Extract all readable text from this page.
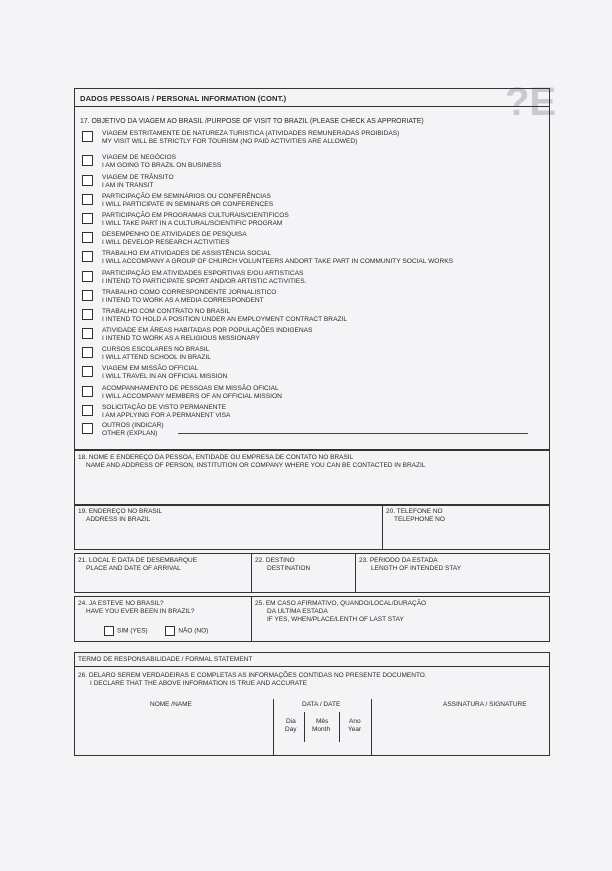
?E
DADOS PESSOAIS / PERSONAL INFORMATION (CONT.)
17. OBJETIVO DA VIAGEM AO BRASIL /PURPOSE OF VISIT TO BRAZIL (PLEASE CHECK AS APPRORIATE)
VIAGEM ESTRITAMENTE DE NATUREZA TURISTICA (ATIVIDADES REMUNERADAS PROIBIDAS)
MY VISIT WILL BE STRICTLY FOR TOURISM (NO PAID ACTIVITIES ARE ALLOWED)
VIAGEM DE NEGÓCIOS
I AM GOING TO BRAZIL ON BUSINESS
VIAGEM DE TRÂNSITO
I AM IN TRANSIT
PARTICIPAÇÃO EM SEMINÁRIOS OU CONFERÊNCIAS
I WILL PARTICIPATE IN SEMINARS OR CONFERENCES
PARTICIPAÇÃO EM PROGRAMAS CULTURAIS/CIENTIFICOS
I WILL TAKE PART IN A CULTURAL/SCIENTIFIC PROGRAM
DESEMPENHO DE ATIVIDADES DE PESQUISA
I WILL DEVELOP RESEARCH ACTIVITIES
TRABALHO EM ATIVIDADES DE ASSISTÊNCIA SOCIAL
I WILL ACCOMPANY A GROUP OF CHURCH VOLUNTEERS ANDORT TAKE PART IN COMMUNITY SOCIAL WORKS
PARTICIPAÇÃO EM ATIVIDADES ESPORTIVAS E/OU ARTISTICAS
I INTEND TO PARTICIPATE SPORT AND/OR ARTISTIC ACTIVITIES.
TRABALHO COMO CORRESPONDENTE JORNALISTICO
I INTEND TO WORK AS A MEDIA CORRESPONDENT
TRABALHO COM CONTRATO NO BRASIL
I INTEND TO HOLD A POSITION UNDER AN EMPLOYMENT CONTRACT BRAZIL
ATIVIDADE EM ÁREAS HABITADAS POR POPULAÇÕES INDIGENAS
I INTEND TO WORK AS A RELIGIOUS MISSIONARY
CURSOS ESCOLARES NO BRASIL
I WILL ATTEND SCHOOL IN BRAZIL
VIAGEM EM MISSÃO OFFICIAL
I WILL TRAVEL IN AN OFFICIAL MISSION
ACOMPANHAMENTO DE PESSOAS EM MISSÃO OFICIAL
I WILL ACCOMPANY MEMBERS OF AN OFFICIAL MISSION
SOLICITAÇÃO DE VISTO PERMANENTE
I AM APPLYING FOR A PERMANENT VISA
OUTROS (INDICAR)
OTHER (EXPLAN)
18. NOME E ENDEREÇO DA PESSOA, ENTIDADE OU EMPRESA DE CONTATO NO BRASIL
NAME AND ADDRESS OF PERSON, INSTITUTION OR COMPANY WHERE YOU CAN BE CONTACTED IN BRAZIL
19. ENDEREÇO NO BRASIL
ADDRESS IN BRAZIL
20. TELEFONE NO
TELEPHONE NO
21. LOCAL E DATA DE DESEMBARQUE
PLACE AND DATE OF ARRIVAL
22. DESTINO
DESTINATION
23. PERIODO DA ESTADA
LENGTH OF INTENDED STAY
24. JA ESTEVE NO BRASIL?
HAVE YOU EVER BEEN IN BRAZIL?
SIM (YES)	NÃO (NO)
25. EM CASO AFIRMATIVO, QUANDO/LOCAL/DURAÇÃO
DA ULTIMA ESTADA
IF YES, WHEN/PLACE/LENTH OF LAST STAY
TERMO DE RESPONSABILIDADE / FORMAL STATEMENT
26. DELARO SEREM VERDADEIRAS E COMPLETAS AS INFORMAÇÕES CONTIDAS NO PRESENTE DOCUMENTO.
I DECLARE THAT THE ABOVE INFORMATION IS TRUE AND ACCURATE
NOME /NAME	DATA / DATE	ASSINATURA / SIGNATURE
Dia
Day
Mês
Month
Ano
Year
